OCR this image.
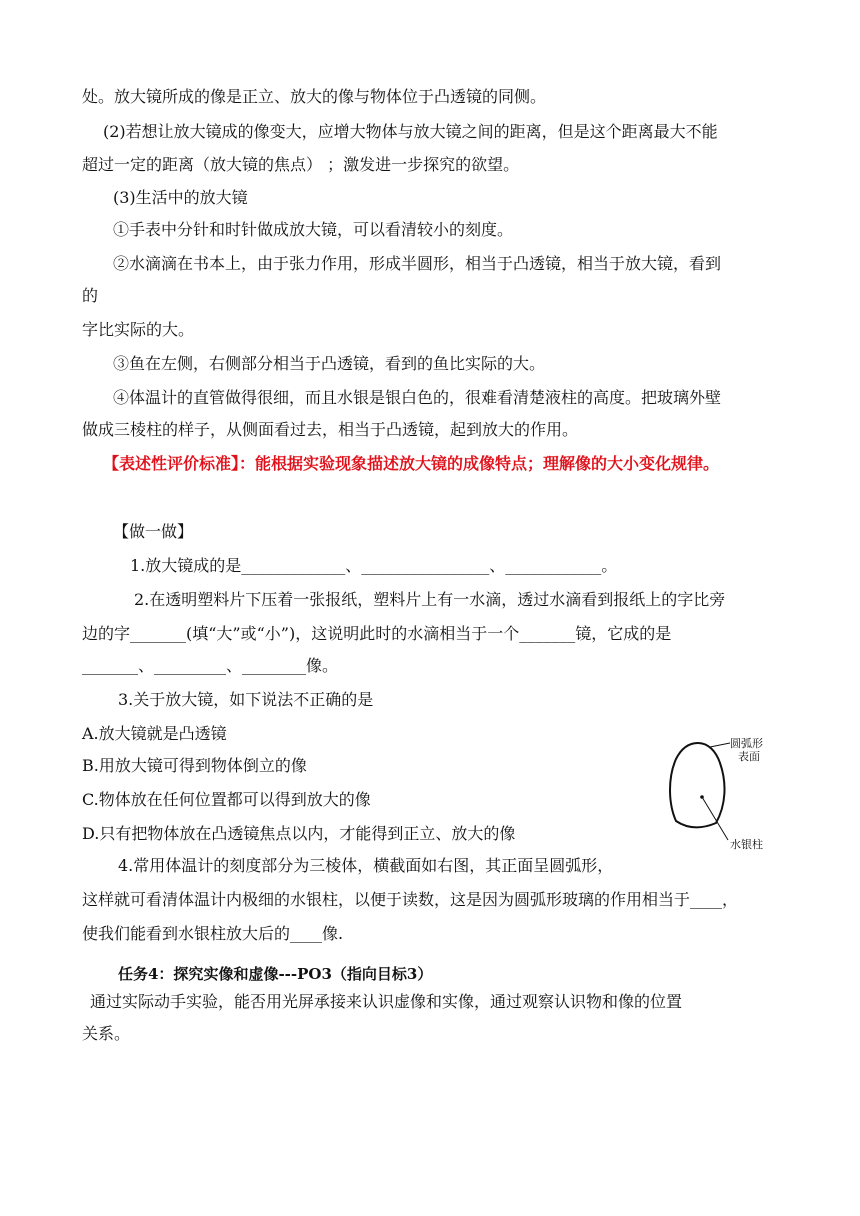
处。放大镜所成的像是正立、放大的像与物体位于凸透镜的同侧。
(2)若想让放大镜成的像变大，应增大物体与放大镜之间的距离，但是这个距离最大不能
超过一定的距离（放大镜的焦点） ；激发进一步探究的欲望。
(3)生活中的放大镜
①手表中分针和时针做成放大镜，可以看清较小的刻度。
②水滴滴在书本上，由于张力作用，形成半圆形，相当于凸透镜，相当于放大镜，看到
的
字比实际的大。
③鱼在左侧，右侧部分相当于凸透镜，看到的鱼比实际的大。
④体温计的直管做得很细，而且水银是银白色的，很难看清楚液柱的高度。把玻璃外壁
做成三棱柱的样子，从侧面看过去，相当于凸透镜，起到放大的作用。
【表述性评价标准】：能根据实验现象描述放大镜的成像特点；理解像的大小变化规律。
【做一做】
1.放大镜成的是_____________、________________、____________。
2.在透明塑料片下压着一张报纸，塑料片上有一水滴，透过水滴看到报纸上的字比旁
边的字_______(填“大”或“小”)，这说明此时的水滴相当于一个_______镜，它成的是
_______、_________、________像。
3.关于放大镜，如下说法不正确的是
A.放大镜就是凸透镜
B.用放大镜可得到物体倒立的像
C.物体放在任何位置都可以得到放大的像
D.只有把物体放在凸透镜焦点以内，才能得到正立、放大的像
4.常用体温计的刻度部分为三棱体，横截面如右图，其正面呈圆弧形，
这样就可看清体温计内极细的水银柱，以便于读数，这是因为圆弧形玻璃的作用相当于____，
使我们能看到水银柱放大后的____像.
任务4：探究实像和虚像---PO3（指向目标3）
通过实际动手实验，能否用光屏承接来认识虚像和实像，通过观察认识物和像的位置
关系。
圆弧形
表面
水银柱
